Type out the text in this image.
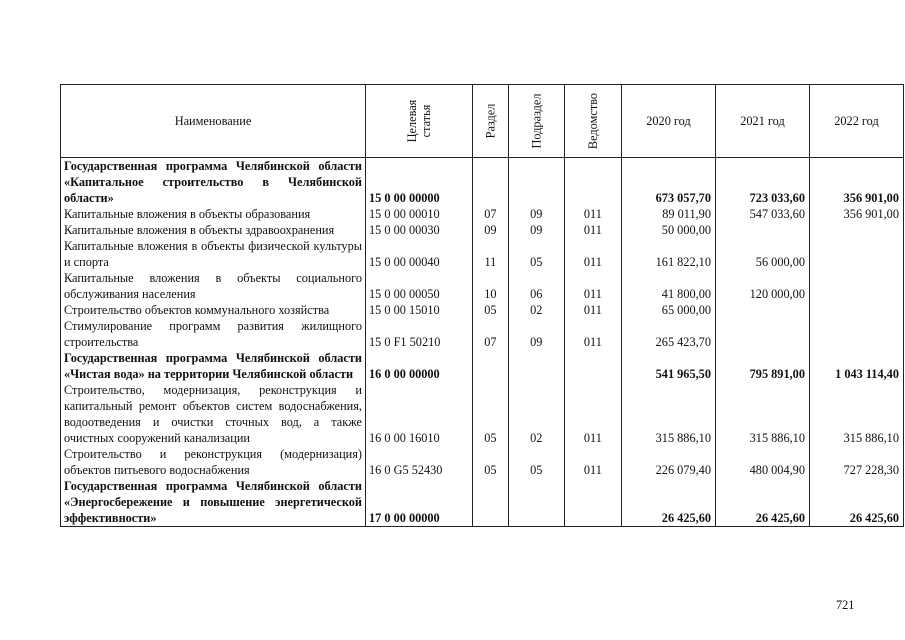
Наименование	Целевая статья	Раздел	Подраздел	Ведомство	2020 год	2021 год	2022 год
Государственная программа Челябинской области «Капитальное строительство в Челябинской области»	15 0 00 00000				673 057,70	723 033,60	356 901,00
Капитальные вложения в объекты образования	15 0 00 00010	07	09	011	89 011,90	547 033,60	356 901,00
Капитальные вложения в объекты здравоохранения	15 0 00 00030	09	09	011	50 000,00		
Капитальные вложения в объекты физической культуры и спорта	15 0 00 00040	11	05	011	161 822,10	56 000,00	
Капитальные вложения в объекты социального обслуживания населения	15 0 00 00050	10	06	011	41 800,00	120 000,00	
Строительство объектов коммунального хозяйства	15 0 00 15010	05	02	011	65 000,00		
Стимулирование программ развития жилищного строительства	15 0 F1 50210	07	09	011	265 423,70		
Государственная программа Челябинской области «Чистая вода» на территории Челябинской области	16 0 00 00000				541 965,50	795 891,00	1 043 114,40
Строительство, модернизация, реконструкция и капитальный ремонт объектов систем водоснабжения, водоотведения и очистки сточных вод, а также очистных сооружений канализации	16 0 00 16010	05	02	011	315 886,10	315 886,10	315 886,10
Строительство и реконструкция (модернизация) объектов питьевого водоснабжения	16 0 G5 52430	05	05	011	226 079,40	480 004,90	727 228,30
Государственная программа Челябинской области «Энергосбережение и повышение энергетической эффективности»	17 0 00 00000				26 425,60	26 425,60	26 425,60
721
